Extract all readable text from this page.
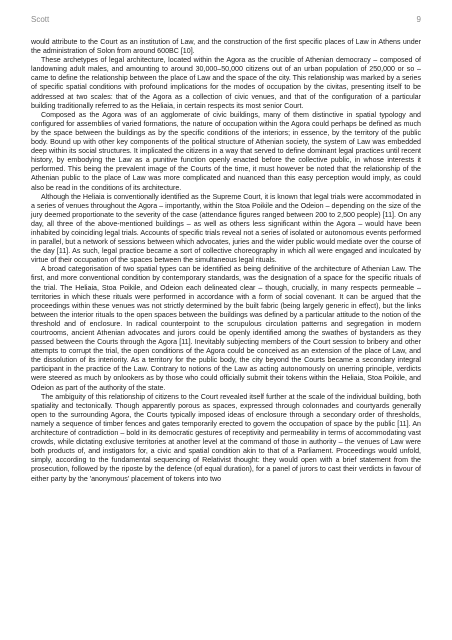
Scott	9

would attribute to the Court as an institution of Law, and the construction of the first specific places of Law in Athens under the administration of Solon from around 600BC [10].

These archetypes of legal architecture, located within the Agora as the crucible of Athenian democracy – composed of landowning adult males, and amounting to around 30,000–50,000 citizens out of an urban population of 250,000 or so – came to define the relationship between the place of Law and the space of the city. This relationship was marked by a series of specific spatial conditions with profound implications for the modes of occupation by the civitas, presenting itself to be addressed at two scales: that of the Agora as a collection of civic venues, and that of the configuration of a particular building traditionally referred to as the Heliaia, in certain respects its most senior Court.

Composed as the Agora was of an agglomerate of civic buildings, many of them distinctive in spatial typology and configured for assemblies of varied formations, the nature of occupation within the Agora could perhaps be defined as much by the space between the buildings as by the specific conditions of the interiors; in essence, by the territory of the public body. Bound up with other key components of the political structure of Athenian society, the system of Law was embedded deep within its social structures. It implicated the citizens in a way that served to define dominant legal practices until recent history, by embodying the Law as a punitive function openly enacted before the collective public, in whose interests it performed. This being the prevalent image of the Courts of the time, it must however be noted that the relationship of the Athenian public to the place of Law was more complicated and nuanced than this easy perception would imply, as could also be read in the conditions of its architecture.

Although the Heliaia is conventionally identified as the Supreme Court, it is known that legal trials were accommodated in a series of venues throughout the Agora – importantly, within the Stoa Poikile and the Odeion – depending on the size of the jury deemed proportionate to the severity of the case (attendance figures ranged between 200 to 2,500 people) [11]. On any day, all three of the above-mentioned buildings – as well as others less significant within the Agora – would have been inhabited by coinciding legal trials. Accounts of specific trials reveal not a series of isolated or autonomous events performed in parallel, but a network of sessions between which advocates, juries and the wider public would mediate over the course of the day [11]. As such, legal practice became a sort of collective choreography in which all were engaged and inculcated by virtue of their occupation of the spaces between the simultaneous legal rituals.

A broad categorisation of two spatial types can be identified as being definitive of the architecture of Athenian Law. The first, and more conventional condition by contemporary standards, was the designation of a space for the specific rituals of the trial. The Heliaia, Stoa Poikile, and Odeion each delineated clear – though, crucially, in many respects permeable – territories in which these rituals were performed in accordance with a form of social covenant. It can be argued that the proceedings within these venues was not strictly determined by the built fabric (being largely generic in effect), but the links between the interior rituals to the open spaces between the buildings was defined by a particular attitude to the notion of the threshold and of enclosure. In radical counterpoint to the scrupulous circulation patterns and segregation in modern courtrooms, ancient Athenian advocates and jurors could be openly identified among the swathes of bystanders as they passed between the Courts through the Agora [11]. Inevitably subjecting members of the Court session to bribery and other attempts to corrupt the trial, the open conditions of the Agora could be conceived as an extension of the place of Law, and the dissolution of its interiority. As a territory for the public body, the city beyond the Courts became a secondary integral participant in the practice of the Law. Contrary to notions of the Law as acting autonomously on unerring principle, verdicts were steered as much by onlookers as by those who could officially submit their tokens within the Heliaia, Stoa Poikile, and Odeion as part of the authority of the state.

The ambiguity of this relationship of citizens to the Court revealed itself further at the scale of the individual building, both spatiality and tectonically. Though apparently porous as spaces, expressed through colonnades and courtyards generally open to the surrounding Agora, the Courts typically imposed ideas of enclosure through a secondary order of thresholds, namely a sequence of timber fences and gates temporarily erected to govern the occupation of space by the public [11]. An architecture of contradiction – bold in its democratic gestures of receptivity and permeability in terms of accommodating vast crowds, while dictating exclusive territories at another level at the command of those in authority – the venues of Law were both products of, and instigators for, a civic and spatial condition akin to that of a Parliament. Proceedings would unfold, simply, according to the fundamental sequencing of Relativist thought: they would open with a brief statement from the prosecution, followed by the riposte by the defence (of equal duration), for a panel of jurors to cast their verdicts in favour of either party by the 'anonymous' placement of tokens into two
